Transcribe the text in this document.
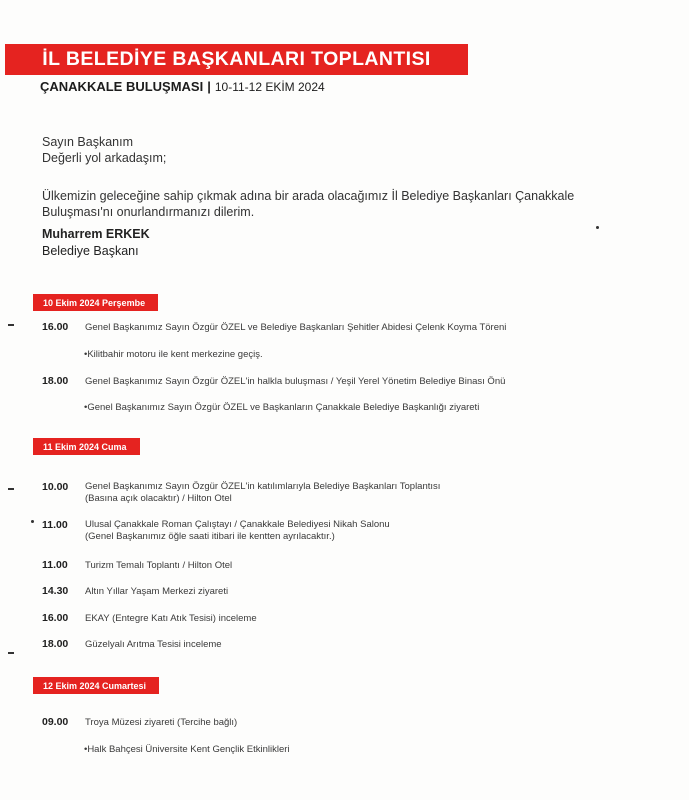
İL BELEDİYE BAŞKANLARI TOPLANTISI
ÇANAKKALE BULUŞMASI | 10-11-12 EKİM 2024

Sayın Başkanım

Değerli yol arkadaşım;

Ülkemizin geleceğine sahip çıkmak adına bir arada olacağımız İl Belediye Başkanları Çanakkale Buluşması'nı onurlandırmanızı dilerim.

Muharrem ERKEK
Belediye Başkanı
10 Ekim 2024 Perşembe
16.00 Genel Başkanımız Sayın Özgür ÖZEL ve Belediye Başkanları Şehitler Abidesi Çelenk Koyma Töreni
•Kilitbahir motoru ile kent merkezine geçiş.
18.00 Genel Başkanımız Sayın Özgür ÖZEL'in halkla buluşması / Yeşil Yerel Yönetim Belediye Binası Önü
•Genel Başkanımız Sayın Özgür ÖZEL ve Başkanların Çanakkale Belediye Başkanlığı ziyareti
11 Ekim 2024 Cuma
10.00 Genel Başkanımız Sayın Özgür ÖZEL'in katılımlarıyla Belediye Başkanları Toplantısı
(Basına açık olacaktır) / Hilton Otel
11.00 Ulusal Çanakkale Roman Çalıştayı / Çanakkale Belediyesi Nikah Salonu
(Genel Başkanımız öğle saati itibari ile kentten ayrılacaktır.)
11.00 Turizm Temalı Toplantı / Hilton Otel
14.30 Altın Yıllar Yaşam Merkezi ziyareti
16.00 EKAY (Entegre Katı Atık Tesisi) inceleme
18.00 Güzelyalı Arıtma Tesisi inceleme
12 Ekim 2024 Cumartesi
09.00 Troya Müzesi ziyareti (Tercihe bağlı)
•Halk Bahçesi Üniversite Kent Gençlik Etkinlikleri
